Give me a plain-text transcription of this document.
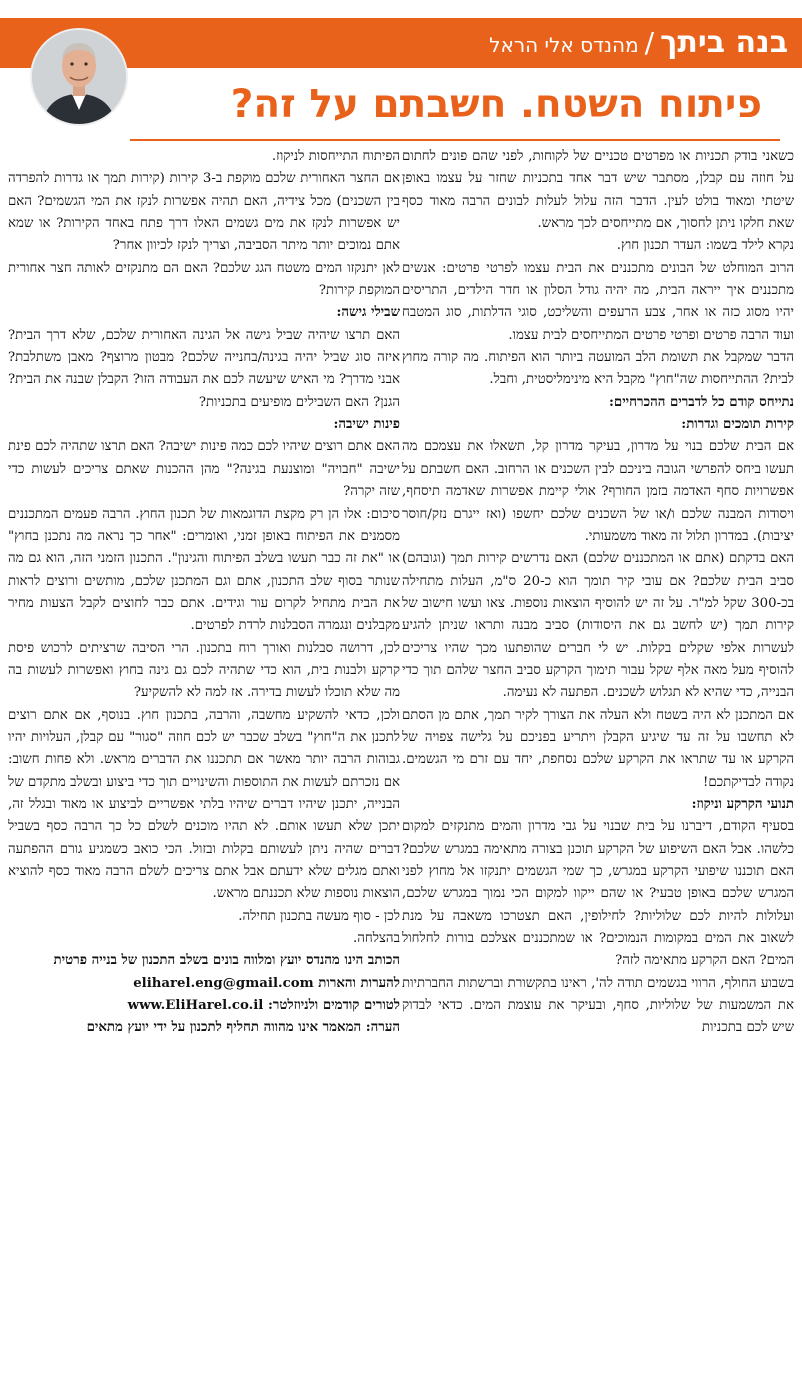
בנה ביתך/מהנדס אלי הראל
פיתוח השטח. חשבתם על זה?

כשאני בודק תכניות או מפרטים טכניים של לקוחות, לפני שהם פונים לחתום על חוזה עם קבלן, מסתבר שיש דבר אחד בתכניות שחזר על עצמו באופן שיטתי ומאוד בולט לעין. הדבר הזה עלול לעלות לבונים הרבה מאוד כסף שאת חלקו ניתן לחסוך, אם מתייחסים לכך מראש.

נקרא לילד בשמו: העדר תכנון חוץ.

הרוב המוחלט של הבונים מתכננים את הבית עצמו לפרטי פרטים: אנשים מתכננים איך ייראה הבית, מה יהיה גודל הסלון או חדר הילדים, התריסים יהיו מסוג כזה או אחר, צבע הרעפים והשליכט, סוגי הדלתות, סוג המטבח ועוד הרבה פרטים ופרטי פרטים המתייחסים לבית עצמו.

הדבר שמקבל את תשומת הלב המועטה ביותר הוא הפיתוח. מה קורה מחוץ לבית? ההתייחסות שה"חוץ" מקבל היא מינימליסטית, וחבל.

נתייחס קודם כל לדברים ההכרחיים:

קירות תומכים וגדרות:

אם הבית שלכם בנוי על מדרון, בעיקר מדרון קל, תשאלו את עצמכם מה תעשו ביחס להפרשי הגובה ביניכם לבין השכנים או הרחוב. האם חשבתם על אפשרויות סחף האדמה בזמן החורף? אולי קיימת אפשרות שאדמה תיסחף, ויסודות המבנה שלכם ו/או של השכנים שלכם יחשפו (ואז ייגרם נזק/חוסר יציבות). במדרון תלול זה מאוד משמעותי.

האם בדקתם (אתם או המתכננים שלכם) האם נדרשים קירות תמך (וגובהם) סביב הבית שלכם? אם עובי קיר תומך הוא כ-20 ס"מ, העלות מתחילה בכ-300 שקל למ"ר. על זה יש להוסיף הוצאות נוספות. צאו ועשו חישוב של קירות תמך (יש לחשב גם את היסודות) סביב מבנה ותראו שניתן להגיע לעשרות אלפי שקלים בקלות. יש לי חברים שהופתעו מכך שהיו צריכים להוסיף מעל מאה אלף שקל עבור תימוך הקרקע סביב החצר שלהם תוך כדי הבנייה, כדי שהיא לא תגלוש לשכנים. הפתעה לא נעימה.

אם המתכנן לא היה בשטח ולא העלה את הצורך לקיר תמך, אתם מן הסתם לא תחשבו על זה עד שיגיע הקבלן ויתריע בפניכם על גלישה צפויה של הקרקע או עד שתראו את הקרקע שלכם נסחפת, יחד עם זרם מי הגשמים. נקודה לבדיקתכם!

תנועי הקרקע וניקוז:

בסעיף הקודם, דיברנו על בית שבנוי על גבי מדרון והמים מתנקזים למקום כלשהו. אבל האם השיפוע של הקרקע תוכנן בצורה מתאימה במגרש שלכם? האם תוכננו שיפועי הקרקע במגרש, כך שמי הגשמים יתנקזו אל מחוץ לפני המגרש שלכם באופן טבעי? או שהם ייקוו למקום הכי נמוך במגרש שלכם, ועלולות להיות לכם שלוליות? לחילופין, האם תצטרכו משאבה על מנת לשאוב את המים במקומות הנמוכים? או שמתכננים אצלכם בורות לחלחול המים? האם הקרקע מתאימה לזה?

בשבוע החולף, הרווי בגשמים תודה לה', ראינו בתקשורת וברשתות החברתיות את המשמעות של שלוליות, סחף, ובעיקר את עוצמת המים. כדאי לבדוק שיש לכם בתכניות

הפיתוח התייחסות לניקוז.

אם החצר האחורית שלכם מוקפת ב-3 קירות (קירות תמך או גדרות להפרדה בין השכנים) מכל צידיה, האם תהיה אפשרות לנקז את המי הגשמים? האם יש אפשרות לנקז את מים גשמים האלו דרך פתח באחד הקירות? או שמא אתם נמוכים יותר מיתר הסביבה, וצריך לנקז לכיוון אחר?

לאן יתנקזו המים משטח הגג שלכם? האם הם מתנקזים לאותה חצר אחורית המוקפת קירות?

שבילי גישה:

האם תרצו שיהיה שביל גישה אל הגינה האחורית שלכם, שלא דרך הבית? איזה סוג שביל יהיה בגינה/בחנייה שלכם? מבטון מרוצף? מאבן משתלבת? אבני מדרך? מי האיש שיעשה לכם את העבודה הזו? הקבלן שבנה את הבית? הגנן? האם השבילים מופיעים בתכניות?

פינות ישיבה:

האם אתם רוצים שיהיו לכם כמה פינות ישיבה? האם תרצו שתהיה לכם פינת ישיבה "חבויה" ומוצנעת בגינה?" מהן ההכנות שאתם צריכים לעשות כדי שזה יקרה?

סיכום: אלו הן רק מקצת הדוגמאות של תכנון החוץ. הרבה פעמים המתכננים מסמנים את הפיתוח באופן זמני, ואומרים: "אחר כך נראה מה נתכנן בחוץ" או "את זה כבר תעשו בשלב הפיתוח והגינון". התכנון הזמני הזה, הוא גם מה שנותר בסוף שלב התכנון, אתם וגם המתכנן שלכם, מותשים ורוצים לראות את הבית מתחיל לקרום עור וגידים. אתם כבר לחוצים לקבל הצעות מחיר מקבלנים ונגמרה הסבלנות לרדת לפרטים.

לכן, דרושה סבלנות ואורך רוח בתכנון. הרי הסיבה שרציתים לרכוש פיסת קרקע ולבנות בית, הוא כדי שתהיה לכם גם גינה בחוץ ואפשרות לעשות בה מה שלא תוכלו לעשות בדירה. אז למה לא להשקיע?

ולכן, כדאי להשקיע מחשבה, והרבה, בתכנון חוץ. בנוסף, אם אתם רוצים לתכנן את ה"חוץ" בשלב שכבר יש לכם חוזה "סגור" עם קבלן, העלויות יהיו גבוהות הרבה יותר מאשר אם תתכננו את הדברים מראש. ולא פחות חשוב: אם נזכרתם לעשות את התוספות והשינויים תוך כדי ביצוע ובשלב מתקדם של הבנייה, יתכנן שיהיו דברים שיהיו בלתי אפשריים לביצוע או מאוד ובגלל זה, יתכן שלא תעשו אותם. לא תהיו מוכנים לשלם כל כך הרבה כסף בשביל דברים שהיה ניתן לעשותם בקלות ובזול. הכי כואב כשמגיע גורם ההפתעה ואתם מגלים שלא ידעתם אבל אתם צריכים לשלם הרבה מאוד כסף להוציא הוצאות נוספות שלא תכננתם מראש.

לכן - סוף מעשה בתכנון תחילה.

בהצלחה.

הכותב הינו מהנדס יועץ ומלווה בונים בשלב התכנון של בנייה פרטית

להערות והארות eliharel.eng@gmail.com

לטורים קודמים ולניוזלטר: www.EliHarel.co.il

הערה: המאמר אינו מהווה תחליף לתכנון על ידי יועץ מתאים
